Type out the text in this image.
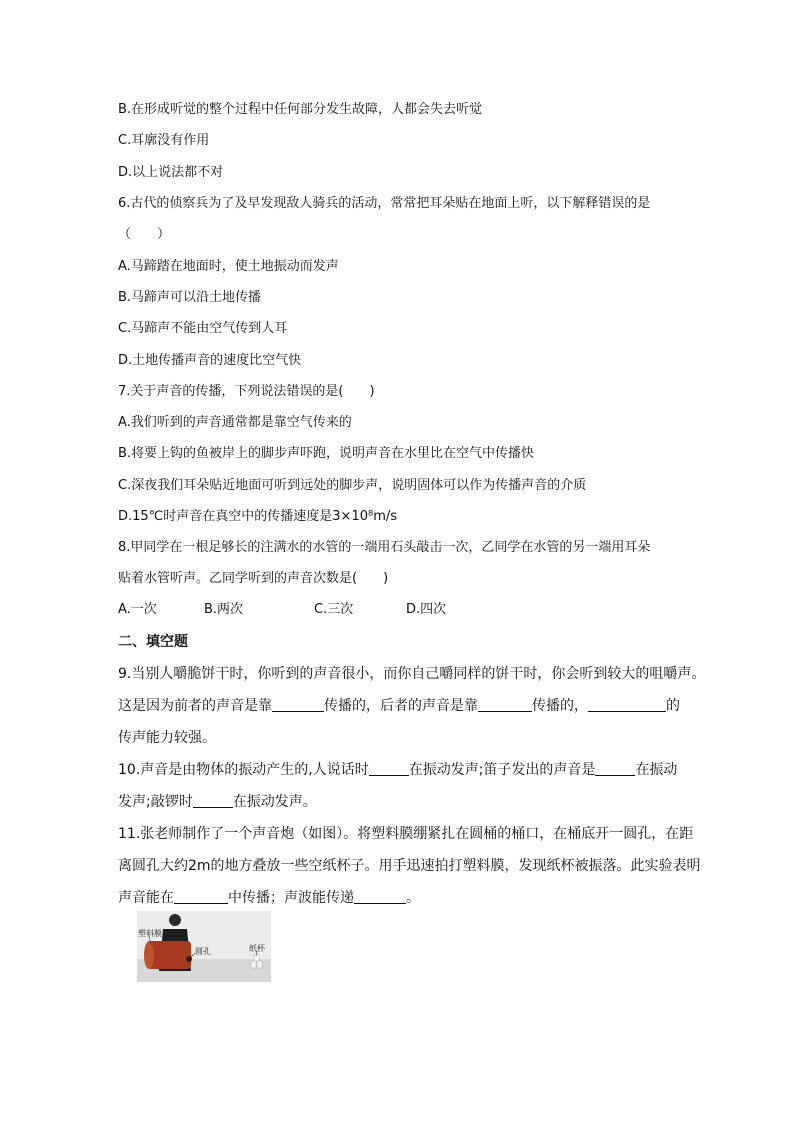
B.在形成听觉的整个过程中任何部分发生故障，人都会失去听觉
C.耳廓没有作用
D.以上说法都不对
6.古代的侦察兵为了及早发现敌人骑兵的活动，常常把耳朵贴在地面上听，以下解释错误的是
（　　）
A.马蹄踏在地面时，使土地振动而发声
B.马蹄声可以沿土地传播
C.马蹄声不能由空气传到人耳
D.土地传播声音的速度比空气快
7.关于声音的传播，下列说法错误的是(　　)
A.我们听到的声音通常都是靠空气传来的
B.将要上钩的鱼被岸上的脚步声吓跑，说明声音在水里比在空气中传播快
C.深夜我们耳朵贴近地面可听到远处的脚步声，说明固体可以作为传播声音的介质
D.15℃时声音在真空中的传播速度是3×10⁸m/s
8.甲同学在一根足够长的注满水的水管的一端用石头敲击一次，乙同学在水管的另一端用耳朵
贴着水管听声。乙同学听到的声音次数是(　　)
A.一次	B.两次	C.三次	D.四次
二、填空题
9.当别人嚼脆饼干时，你听到的声音很小，而你自己嚼同样的饼干时，你会听到较大的咀嚼声。
这是因为前者的声音是靠	传播的，后者的声音是靠	传播的，	的
传声能力较强。
10.声音是由物体的振动产生的,人说话时	在振动发声;笛子发出的声音是	在振动
发声;敲锣时	在振动发声。
11.张老师制作了一个声音炮（如图）。将塑料膜绷紧扎在圆桶的桶口，在桶底开一圆孔，在距
离圆孔大约2m的地方叠放一些空纸杯子。用手迅速拍打塑料膜，发现纸杯被振落。此实验表明
声音能在	中传播；声波能传递	。
塑料膜
圆孔	纸杯
